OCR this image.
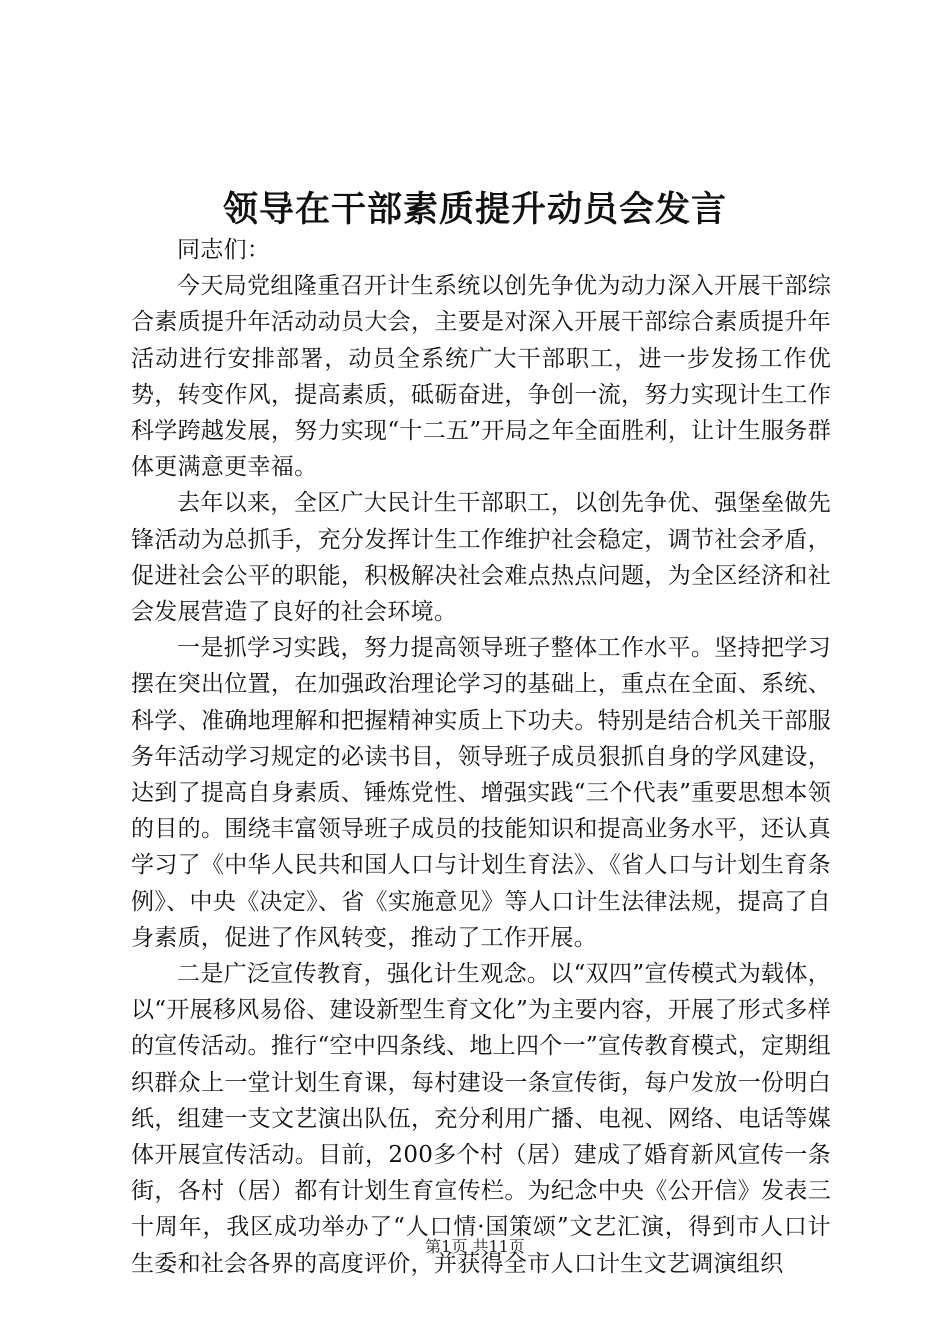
领导在干部素质提升动员会发言

同志们：

今天局党组隆重召开计生系统以创先争优为动力深入开展干部综合素质提升年活动动员大会，主要是对深入开展干部综合素质提升年活动进行安排部署，动员全系统广大干部职工，进一步发扬工作优势，转变作风，提高素质，砥砺奋进，争创一流，努力实现计生工作科学跨越发展，努力实现“十二五”开局之年全面胜利，让计生服务群体更满意更幸福。

去年以来，全区广大民计生干部职工，以创先争优、强堡垒做先锋活动为总抓手，充分发挥计生工作维护社会稳定，调节社会矛盾，促进社会公平的职能，积极解决社会难点热点问题，为全区经济和社会发展营造了良好的社会环境。

一是抓学习实践，努力提高领导班子整体工作水平。坚持把学习摆在突出位置，在加强政治理论学习的基础上，重点在全面、系统、科学、准确地理解和把握精神实质上下功夫。特别是结合机关干部服务年活动学习规定的必读书目，领导班子成员狠抓自身的学风建设，达到了提高自身素质、锤炼党性、增强实践“三个代表”重要思想本领的目的。围绕丰富领导班子成员的技能知识和提高业务水平，还认真学习了《中华人民共和国人口与计划生育法》、《省人口与计划生育条例》、中央《决定》、省《实施意见》等人口计生法律法规，提高了自身素质，促进了作风转变，推动了工作开展。

二是广泛宣传教育，强化计生观念。以“双四”宣传模式为载体，以“开展移风易俗、建设新型生育文化”为主要内容，开展了形式多样的宣传活动。推行“空中四条线、地上四个一”宣传教育模式，定期组织群众上一堂计划生育课，每村建设一条宣传街，每户发放一份明白纸，组建一支文艺演出队伍，充分利用广播、电视、网络、电话等媒体开展宣传活动。目前，200多个村（居）建成了婚育新风宣传一条街，各村（居）都有计划生育宣传栏。为纪念中央《公开信》发表三十周年，我区成功举办了“人口情·国策颂”文艺汇演，得到市人口计生委和社会各界的高度评价，并获得全市人口计生文艺调演组织

第1页 共11页
